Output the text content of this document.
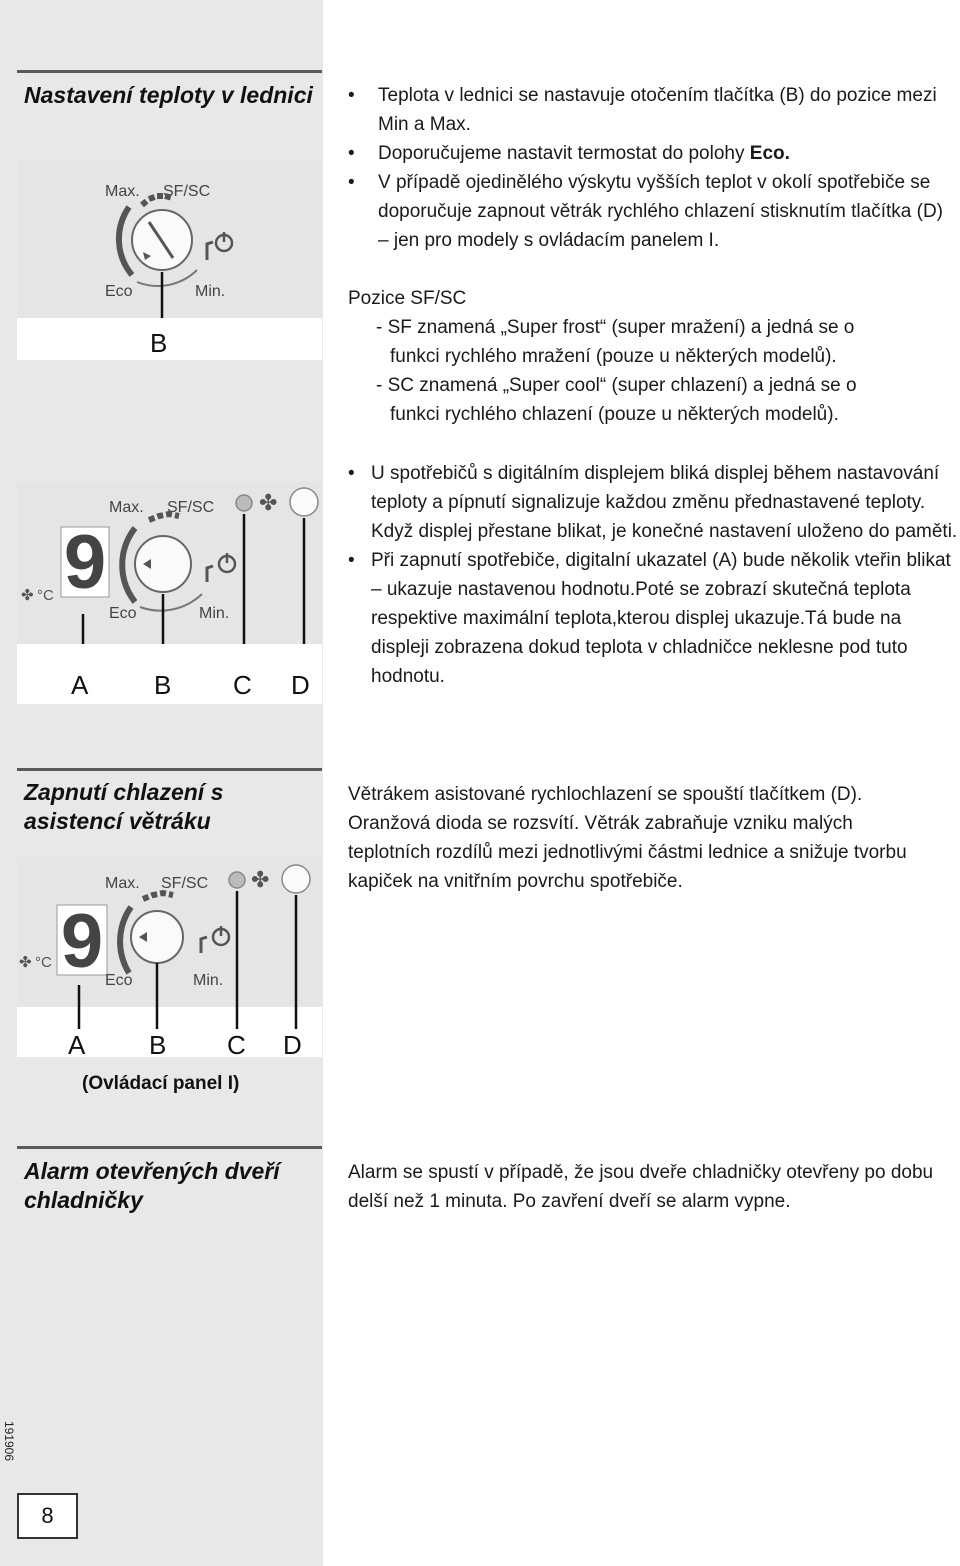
Nastavení teploty v lednici
Max. SF/SC
Eco	Min.
B
• Teplota v lednici se nastavuje otočením tlačítka (B) do pozice mezi Min a Max.
• Doporučujeme nastavit termostat do polohy Eco.
• V případě ojedinělého výskytu vyšších teplot v okolí spotřebiče se doporučuje zapnout větrák rychlého chlazení stisknutím tlačítka (D) – jen pro modely s ovládacím panelem I.

Pozice SF/SC

- SF znamená „Super frost“ (super mražení) a jedná se o

funkci rychlého mražení (pouze u některých modelů).

- SC znamená „Super cool“ (super chlazení) a jedná se o

funkci rychlého chlazení (pouze u některých modelů).

9
✤ °C
Max. SF/SC
Eco	Min.
✤
A	B C D
• U spotřebičů s digitálním displejem bliká displej během nastavování teploty a pípnutí signalizuje každou změnu přednastavené teploty. Když displej přestane blikat, je konečné nastavení uloženo do paměti.
• Při zapnutí spotřebiče, digitalní ukazatel (A) bude několik vteřin blikat – ukazuje nastavenou hodnotu.Poté se zobrazí skutečná teplota respektive maximální teplota,kterou displej ukazuje.Tá bude na displeji zobrazena dokud teplota v chladničce neklesne pod tuto hodnotu.
Zapnutí chlazení s asistencí větráku
9
✤ °C
Max. SF/SC
Eco	Min.
✤
A B C D
(Ovládací panel I)
Větrákem asistované rychlochlazení se spouští tlačítkem (D). Oranžová dioda se rozsvítí. Větrák zabraňuje vzniku malých teplotních rozdílů mezi jednotlivými částmi lednice a snižuje tvorbu kapiček na vnitřním povrchu spotřebiče.
Alarm otevřených dveří chladničky
Alarm se spustí v případě, že jsou dveře chladničky otevřeny po dobu delší než 1 minuta. Po zavření dveří se alarm vypne.
191906
8
